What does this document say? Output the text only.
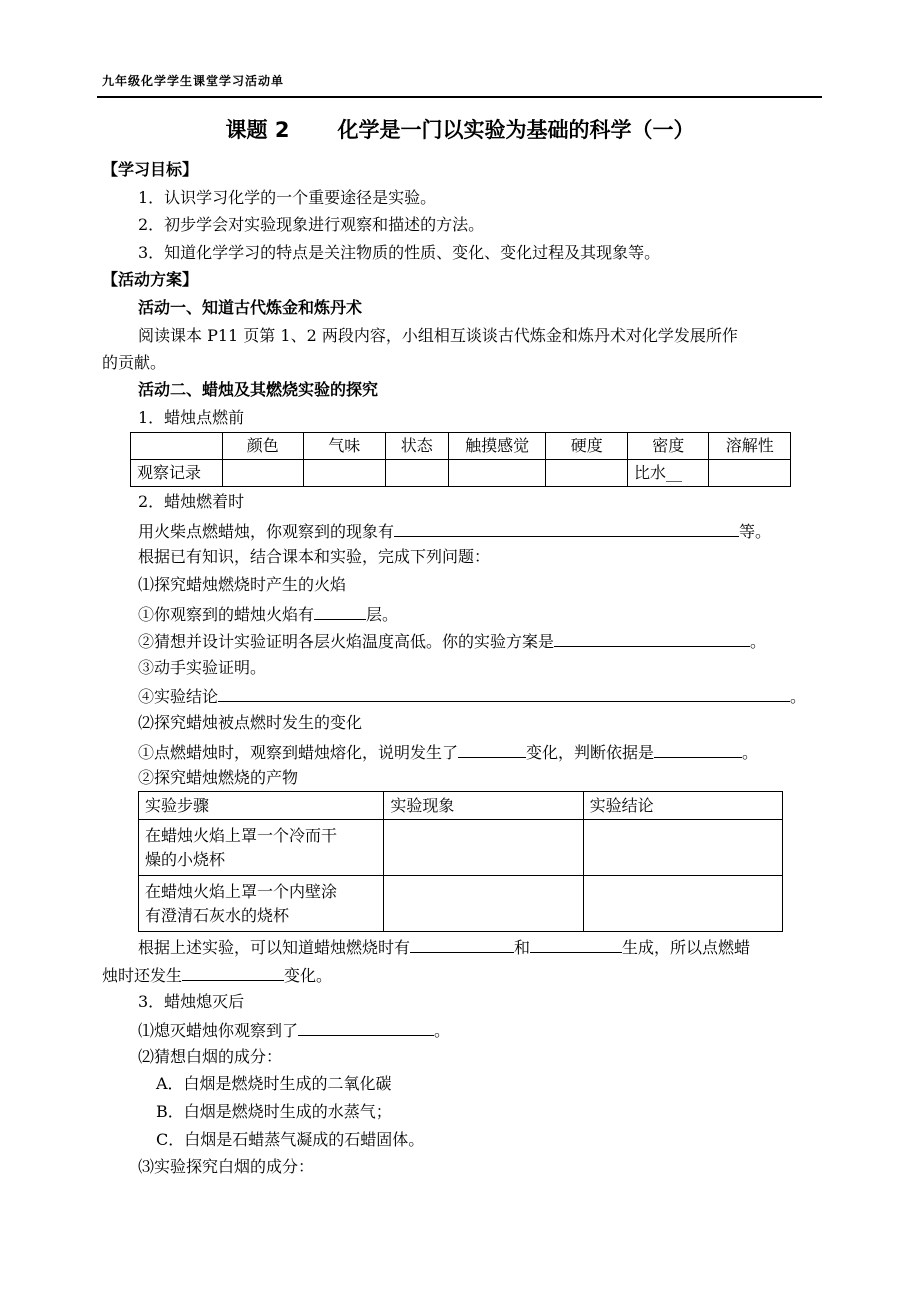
九年级化学学生课堂学习活动单
课题 2 化学是一门以实验为基础的科学（一）
【学习目标】
1．认识学习化学的一个重要途径是实验。
2．初步学会对实验现象进行观察和描述的方法。
3．知道化学学习的特点是关注物质的性质、变化、变化过程及其现象等。
【活动方案】
活动一、知道古代炼金和炼丹术
阅读课本 P11 页第 1、2 两段内容，小组相互谈谈古代炼金和炼丹术对化学发展所作
的贡献。
活动二、蜡烛及其燃烧实验的探究
1．蜡烛点燃前
	颜色	气味	状态	触摸感觉	硬度	密度	溶解性
观察记录						比水__	
2．蜡烛燃着时
用火柴点燃蜡烛，你观察到的现象有	等。
根据已有知识，结合课本和实验，完成下列问题：
⑴探究蜡烛燃烧时产生的火焰
①你观察到的蜡烛火焰有	层。
②猜想并设计实验证明各层火焰温度高低。你的实验方案是	。
③动手实验证明。
④实验结论	。
⑵探究蜡烛被点燃时发生的变化
①点燃蜡烛时，观察到蜡烛熔化，说明发生了	变化，判断依据是	。
②探究蜡烛燃烧的产物
实验步骤	实验现象	实验结论

在蜡烛火焰上罩一个冷而干
燥的小烧杯		

在蜡烛火焰上罩一个内壁涂
有澄清石灰水的烧杯		

根据上述实验，可以知道蜡烛燃烧时有	和	生成，所以点燃蜡
烛时还发生	变化。
3．蜡烛熄灭后
⑴熄灭蜡烛你观察到了	。
⑵猜想白烟的成分：
A．白烟是燃烧时生成的二氧化碳
B．白烟是燃烧时生成的水蒸气；
C．白烟是石蜡蒸气凝成的石蜡固体。
⑶实验探究白烟的成分：
